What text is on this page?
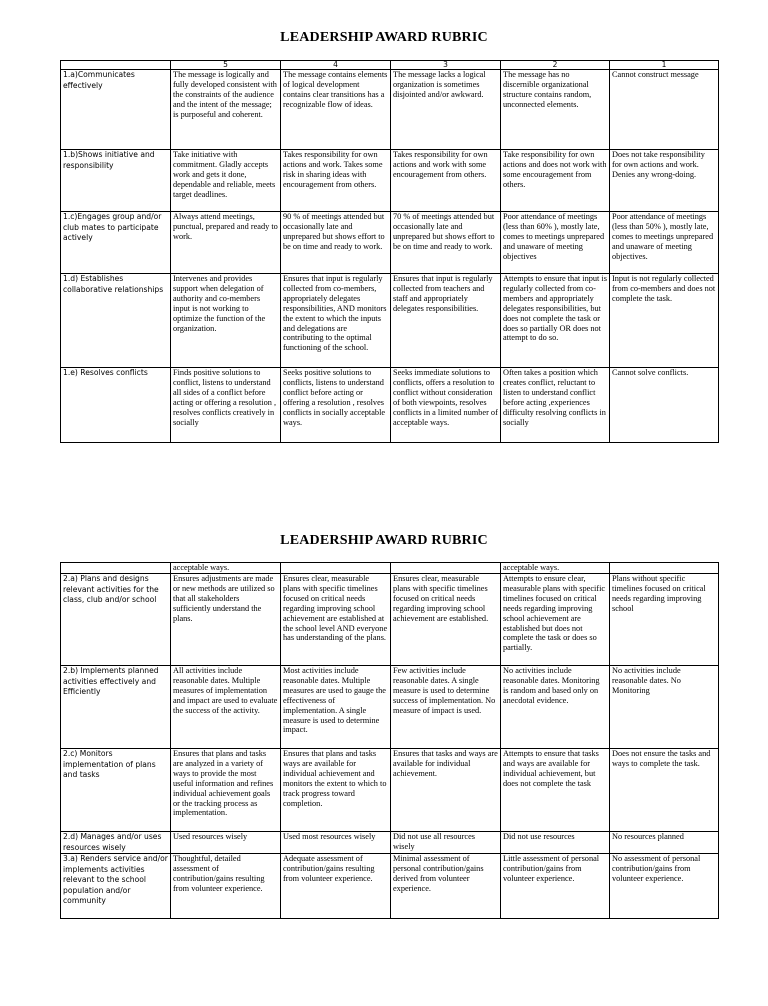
LEADERSHIP AWARD RUBRIC
	5	4	3	2	1
1.a)Communicates effectively	The message is logically and fully developed consistent with the constraints of the audience and the intent of the message; is purposeful and coherent.	The message contains elements of logical development contains clear transitions has a recognizable flow of ideas.	The message lacks a logical organization is sometimes disjointed and/or awkward.	The message has no discernible organizational structure contains random, unconnected elements.	Cannot construct message
1.b)Shows initiative and responsibility	Take initiative with commitment. Gladly accepts work and gets it done, dependable and reliable, meets target deadlines.	Takes responsibility for own actions and work. Takes some risk in sharing ideas with encouragement from others.	Takes responsibility for own actions and work with some encouragement from others.	Take responsibility for own actions and does not work with some encouragement from others.	Does not take responsibility for own actions and work. Denies any wrong-doing.
1.c)Engages group and/or club mates to participate actively	Always attend meetings, punctual, prepared and ready to work.	90 % of meetings attended but occasionally late and unprepared but shows effort to be on time and ready to work.	70 % of meetings attended but occasionally late and unprepared but shows effort to be on time and ready to work.	Poor attendance of meetings (less than 60% ), mostly late, comes to meetings unprepared and unaware of meeting objectives	Poor attendance of meetings (less than 50% ), mostly late, comes to meetings unprepared and unaware of meeting objectives.
1.d) Establishes collaborative relationships	Intervenes and provides support when delegation of authority and co-members input is not working to optimize the function of the organization.	Ensures that input is regularly collected from co-members, appropriately delegates responsibilities, AND monitors the extent to which the inputs and delegations are contributing to the optimal functioning of the school.	Ensures that input is regularly collected from teachers and staff and appropriately delegates responsibilities.	Attempts to ensure that input is regularly collected from co-members and appropriately delegates responsibilities, but does not complete the task or does so partially OR does not attempt to do so.	Input is not regularly collected from co-members and does not complete the task.
1.e) Resolves conflicts	Finds positive solutions to conflict, listens to understand all sides of a conflict before acting or offering a resolution , resolves conflicts creatively in socially	Seeks positive solutions to conflicts, listens to understand conflict before acting or offering a resolution , resolves conflicts in socially acceptable ways.	Seeks immediate solutions to conflicts, offers a resolution to conflict without consideration of both viewpoints, resolves conflicts in a limited number of acceptable ways.	Often takes a position which creates conflict, reluctant to listen to understand conflict before acting ,experiences difficulty resolving conflicts in socially	Cannot solve conflicts.
LEADERSHIP AWARD RUBRIC
	acceptable ways.			acceptable ways.	
2.a) Plans and designs relevant activities for the class, club and/or school	Ensures adjustments are made or new methods are utilized so that all stakeholders sufficiently understand the plans.	Ensures clear, measurable plans with specific timelines focused on critical needs regarding improving school achievement are established at the school level AND everyone has understanding of the plans.	Ensures clear, measurable plans with specific timelines focused on critical needs regarding improving school achievement are established.	Attempts to ensure clear, measurable plans with specific timelines focused on critical needs regarding improving school achievement are established but does not complete the task or does so partially.	Plans without specific timelines focused on critical needs regarding improving school
2.b) Implements planned activities effectively and Efficiently	All activities include reasonable dates. Multiple measures of implementation and impact are used to evaluate the success of the activity.	Most activities include reasonable dates. Multiple measures are used to gauge the effectiveness of implementation. A single measure is used to determine impact.	Few activities include reasonable dates. A single measure is used to determine success of implementation. No measure of impact is used.	No activities include reasonable dates. Monitoring is random and based only on anecdotal evidence.	No activities include reasonable dates. No Monitoring
2.c) Monitors implementation of plans and tasks	Ensures that plans and tasks are analyzed in a variety of ways to provide the most useful information and refines individual achievement goals or the tracking process as implementation.	Ensures that plans and tasks ways are available for individual achievement and monitors the extent to which to track progress toward completion.	Ensures that tasks and ways are available for individual achievement.	Attempts to ensure that tasks and ways are available for individual achievement, but does not complete the task	Does not ensure the tasks and ways to complete the task.
2.d) Manages and/or uses resources wisely	Used resources wisely	Used most resources wisely	Did not use all resources wisely	Did not use resources	No resources planned
3.a) Renders service and/or implements activities relevant to the school population and/or community	Thoughtful, detailed assessment of contribution/gains resulting from volunteer experience.	Adequate assessment of contribution/gains resulting from volunteer experience.	Minimal assessment of personal contribution/gains derived from volunteer experience.	Little assessment of personal contribution/gains from volunteer experience.	No assessment of personal contribution/gains from volunteer experience.
